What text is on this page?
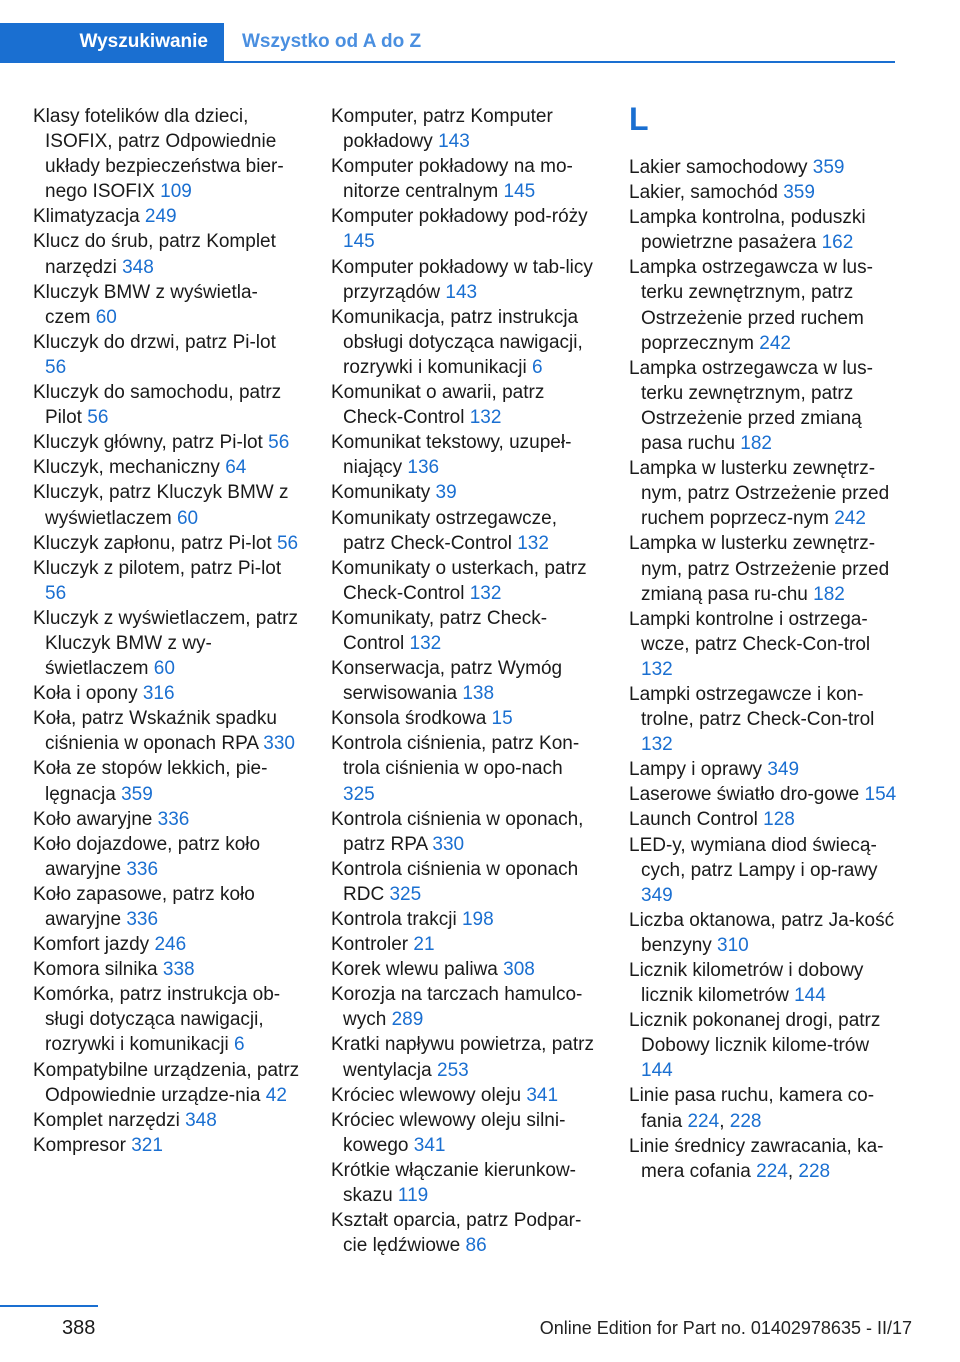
Wyszukiwanie	Wszystko od A do Z
Klasy fotelików dla dzieci, ISOFIX, patrz Odpowiednie układy bezpieczeństwa bier‐nego ISOFIX 109
Klimatyzacja 249
Klucz do śrub, patrz Komplet narzędzi 348
Kluczyk BMW z wyświetla‐czem 60
Kluczyk do drzwi, patrz Pi‐lot 56
Kluczyk do samochodu, patrz Pilot 56
Kluczyk główny, patrz Pi‐lot 56
Kluczyk, mechaniczny 64
Kluczyk, patrz Kluczyk BMW z wyświetlaczem 60
Kluczyk zapłonu, patrz Pi‐lot 56
Kluczyk z pilotem, patrz Pi‐lot 56
Kluczyk z wyświetlaczem, patrz Kluczyk BMW z wy‐świetlaczem 60
Koła i opony 316
Koła, patrz Wskaźnik spadku ciśnienia w oponach RPA 330
Koła ze stopów lekkich, pie‐lęgnacja 359
Koło awaryjne 336
Koło dojazdowe, patrz koło awaryjne 336
Koło zapasowe, patrz koło awaryjne 336
Komfort jazdy 246
Komora silnika 338
Komórka, patrz instrukcja ob‐sługi dotycząca nawigacji, rozrywki i komunikacji 6
Kompatybilne urządzenia, patrz Odpowiednie urządze‐nia 42
Komplet narzędzi 348
Kompresor 321
Komputer, patrz Komputer pokładowy 143
Komputer pokładowy na mo‐nitorze centralnym 145
Komputer pokładowy pod‐róży 145
Komputer pokładowy w tab‐licy przyrządów 143
Komunikacja, patrz instrukcja obsługi dotycząca nawigacji, rozrywki i komunikacji 6
Komunikat o awarii, patrz Check-Control 132
Komunikat tekstowy, uzupeł‐niający 136
Komunikaty 39
Komunikaty ostrzegawcze, patrz Check-Control 132
Komunikaty o usterkach, patrz Check-Control 132
Komunikaty, patrz Check-Control 132
Konserwacja, patrz Wymóg serwisowania 138
Konsola środkowa 15
Kontrola ciśnienia, patrz Kon‐trola ciśnienia w opo‐nach 325
Kontrola ciśnienia w oponach, patrz RPA 330
Kontrola ciśnienia w oponach RDC 325
Kontrola trakcji 198
Kontroler 21
Korek wlewu paliwa 308
Korozja na tarczach hamulco‐wych 289
Kratki napływu powietrza, patrz wentylacja 253
Króciec wlewowy oleju 341
Króciec wlewowy oleju silni‐kowego 341
Krótkie włączanie kierunkow‐skazu 119
Kształt oparcia, patrz Podpar‐cie lędźwiowe 86
L
Lakier samochodowy 359
Lakier, samochód 359
Lampka kontrolna, poduszki powietrzne pasażera 162
Lampka ostrzegawcza w lus‐terku zewnętrznym, patrz Ostrzeżenie przed ruchem poprzecznym 242
Lampka ostrzegawcza w lus‐terku zewnętrznym, patrz Ostrzeżenie przed zmianą pasa ruchu 182
Lampka w lusterku zewnętrz‐nym, patrz Ostrzeżenie przed ruchem poprzecz‐nym 242
Lampka w lusterku zewnętrz‐nym, patrz Ostrzeżenie przed zmianą pasa ru‐chu 182
Lampki kontrolne i ostrzega‐wcze, patrz Check-Con‐trol 132
Lampki ostrzegawcze i kon‐trolne, patrz Check-Con‐trol 132
Lampy i oprawy 349
Laserowe światło dro‐gowe 154
Launch Control 128
LED-y, wymiana diod świecą‐cych, patrz Lampy i op‐rawy 349
Liczba oktanowa, patrz Ja‐kość benzyny 310
Licznik kilometrów i dobowy licznik kilometrów 144
Licznik pokonanej drogi, patrz Dobowy licznik kilome‐trów 144
Linie pasa ruchu, kamera co‐fania 224, 228
Linie średnicy zawracania, ka‐mera cofania 224, 228
388	Online Edition for Part no. 01402978635 - II/17
